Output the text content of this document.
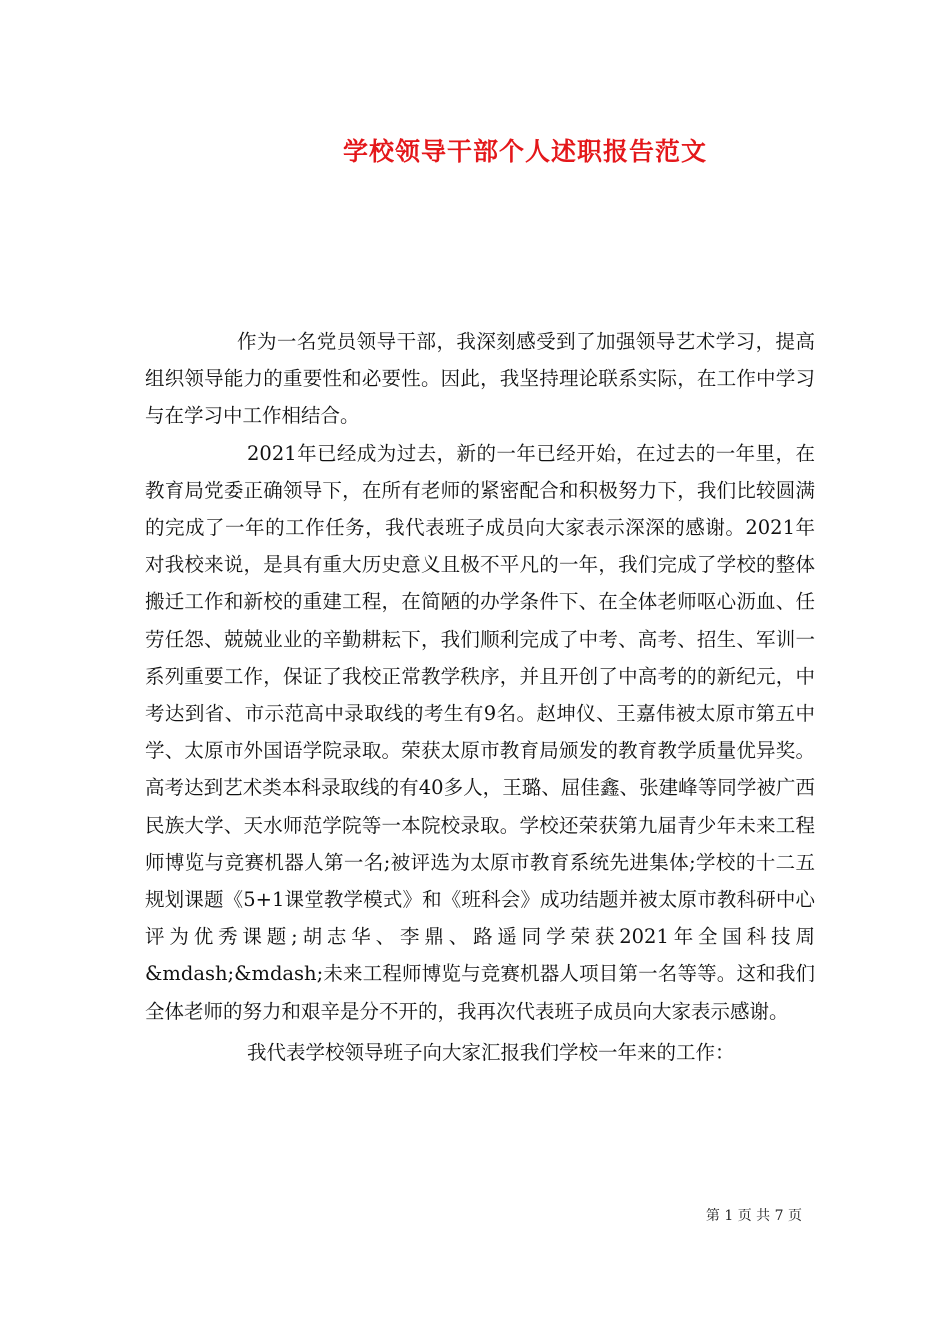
学校领导干部个人述职报告范文

作为一名党员领导干部，我深刻感受到了加强领导艺术学习，提高组织领导能力的重要性和必要性。因此，我坚持理论联系实际，在工作中学习与在学习中工作相结合。

2021年已经成为过去，新的一年已经开始，在过去的一年里，在教育局党委正确领导下，在所有老师的紧密配合和积极努力下，我们比较圆满的完成了一年的工作任务，我代表班子成员向大家表示深深的感谢。2021年对我校来说，是具有重大历史意义且极不平凡的一年，我们完成了学校的整体搬迁工作和新校的重建工程，在简陋的办学条件下、在全体老师呕心沥血、任劳任怨、兢兢业业的辛勤耕耘下，我们顺利完成了中考、高考、招生、军训一系列重要工作，保证了我校正常教学秩序，并且开创了中高考的的新纪元，中考达到省、市示范高中录取线的考生有9名。赵坤仪、王嘉伟被太原市第五中学、太原市外国语学院录取。荣获太原市教育局颁发的教育教学质量优异奖。高考达到艺术类本科录取线的有40多人，王璐、屈佳鑫、张建峰等同学被广西民族大学、天水师范学院等一本院校录取。学校还荣获第九届青少年未来工程师博览与竞赛机器人第一名;被评选为太原市教育系统先进集体;学校的十二五规划课题《5+1课堂教学模式》和《班科会》成功结题并被太原市教科研中心评为优秀课题;胡志华、李鼎、路遥同学荣获2021年全国科技周&mdash;&mdash;未来工程师博览与竞赛机器人项目第一名等等。这和我们全体老师的努力和艰辛是分不开的，我再次代表班子成员向大家表示感谢。

我代表学校领导班子向大家汇报我们学校一年来的工作：

第 1 页 共 7 页
